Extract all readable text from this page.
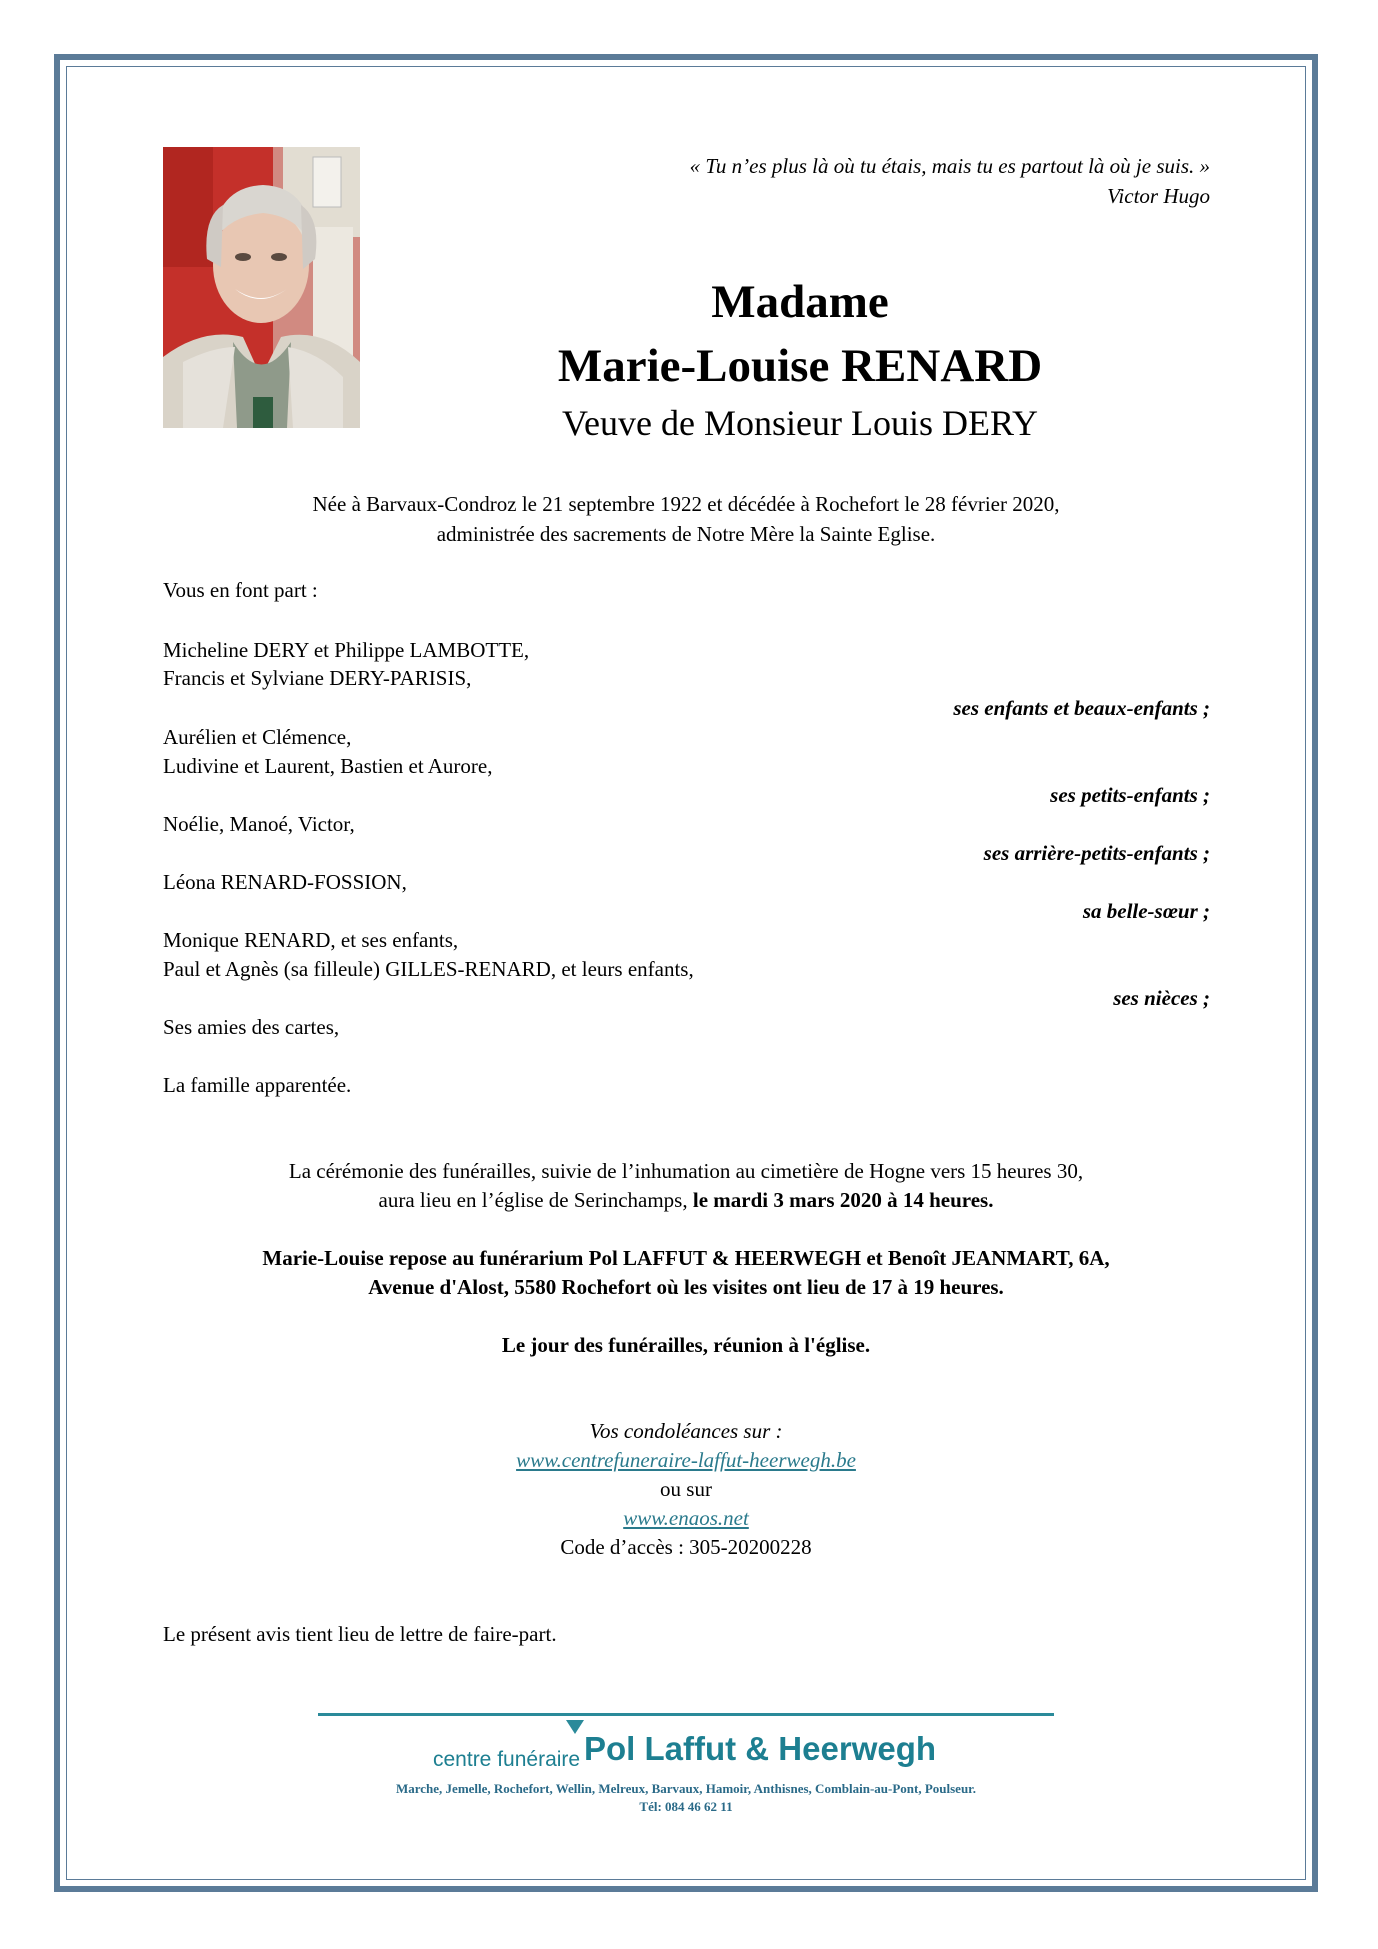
« Tu n’es plus là où tu étais, mais tu es partout là où je suis. »
Victor Hugo
Madame
Marie-Louise RENARD
Veuve de Monsieur Louis DERY
Née à Barvaux-Condroz le 21 septembre 1922 et décédée à Rochefort le 28 février 2020,
administrée des sacrements de Notre Mère la Sainte Eglise.
Vous en font part :
Micheline DERY et Philippe LAMBOTTE,
Francis et Sylviane DERY-PARISIS,
ses enfants et beaux-enfants ;
Aurélien et Clémence,
Ludivine et Laurent, Bastien et Aurore,
ses petits-enfants ;
Noélie, Manoé, Victor,
ses arrière-petits-enfants ;
Léona RENARD-FOSSION,
sa belle-sœur ;
Monique RENARD, et ses enfants,
Paul et Agnès (sa filleule) GILLES-RENARD, et leurs enfants,
ses nièces ;
Ses amies des cartes,
La famille apparentée.
La cérémonie des funérailles, suivie de l’inhumation au cimetière de Hogne vers 15 heures 30,
aura lieu en l’église de Serinchamps, le mardi 3 mars 2020 à 14 heures.
Marie-Louise repose au funérarium Pol LAFFUT & HEERWEGH et Benoît JEANMART, 6A,
Avenue d'Alost, 5580 Rochefort où les visites ont lieu de 17 à 19 heures.
Le jour des funérailles, réunion à l'église.
Vos condoléances sur :
www.centrefuneraire-laffut-heerwegh.be
ou sur
www.enaos.net
Code d’accès : 305-20200228
Le présent avis tient lieu de lettre de faire-part.
centre funéraire Pol Laffut & Heerwegh
Marche, Jemelle, Rochefort, Wellin, Melreux, Barvaux, Hamoir, Anthisnes, Comblain-au-Pont, Poulseur.
Tél: 084 46 62 11
